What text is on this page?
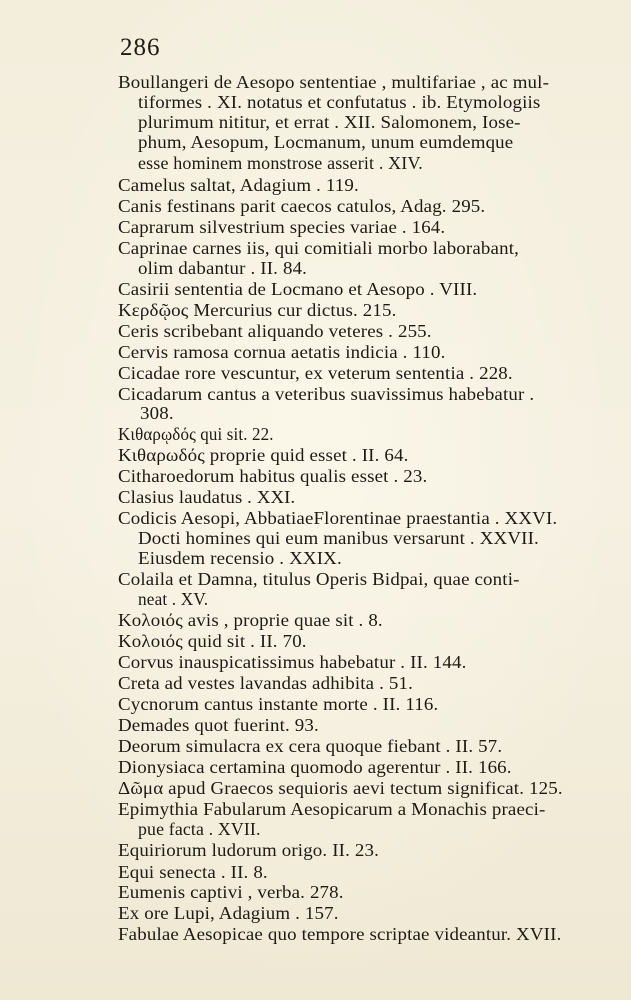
286
Boullangeri de Aesopo sententiae , multifariae , ac mul-
tiformes . XI. notatus et confutatus . ib. Etymologiis
plurimum nititur, et errat . XII. Salomonem, Iose-
phum, Aesopum, Locmanum, unum eumdemque
esse hominem monstrose asserit . XIV.
Camelus saltat, Adagium . 119.
Canis festinans parit caecos catulos, Adag. 295.
Caprarum silvestrium species variae . 164.
Caprinae carnes iis, qui comitiali morbo laborabant,
olim dabantur . II. 84.
Casirii sententia de Locmano et Aesopo . VIII.
Κερδῷος Mercurius cur dictus. 215.
Ceris scribebant aliquando veteres . 255.
Cervis ramosa cornua aetatis indicia . 110.
Cicadae rore vescuntur, ex veterum sententia . 228.
Cicadarum cantus a veteribus suavissimus habebatur .
308.
Κιθαρῳδός qui sit. 22.
Κιθαρωδός proprie quid esset . II. 64.
Citharoedorum habitus qualis esset . 23.
Clasius laudatus . XXI.
Codicis Aesopi, AbbatiaeFlorentinae praestantia . XXVI.
Docti homines qui eum manibus versarunt . XXVII.
Eiusdem recensio . XXIX.
Colaila et Damna, titulus Operis Bidpai, quae conti-
neat . XV.
Κολοιός avis , proprie quae sit . 8.
Κολοιός quid sit . II. 70.
Corvus inauspicatissimus habebatur . II. 144.
Creta ad vestes lavandas adhibita . 51.
Cycnorum cantus instante morte . II. 116.
Demades quot fuerint. 93.
Deorum simulacra ex cera quoque fiebant . II. 57.
Dionysiaca certamina quomodo agerentur . II. 166.
Δῶμα apud Graecos sequioris aevi tectum significat. 125.
Epimythia Fabularum Aesopicarum a Monachis praeci-
pue facta . XVII.
Equiriorum ludorum origo. II. 23.
Equi senecta . II. 8.
Eumenis captivi , verba. 278.
Ex ore Lupi, Adagium . 157.
Fabulae Aesopicae quo tempore scriptae videantur. XVII.
